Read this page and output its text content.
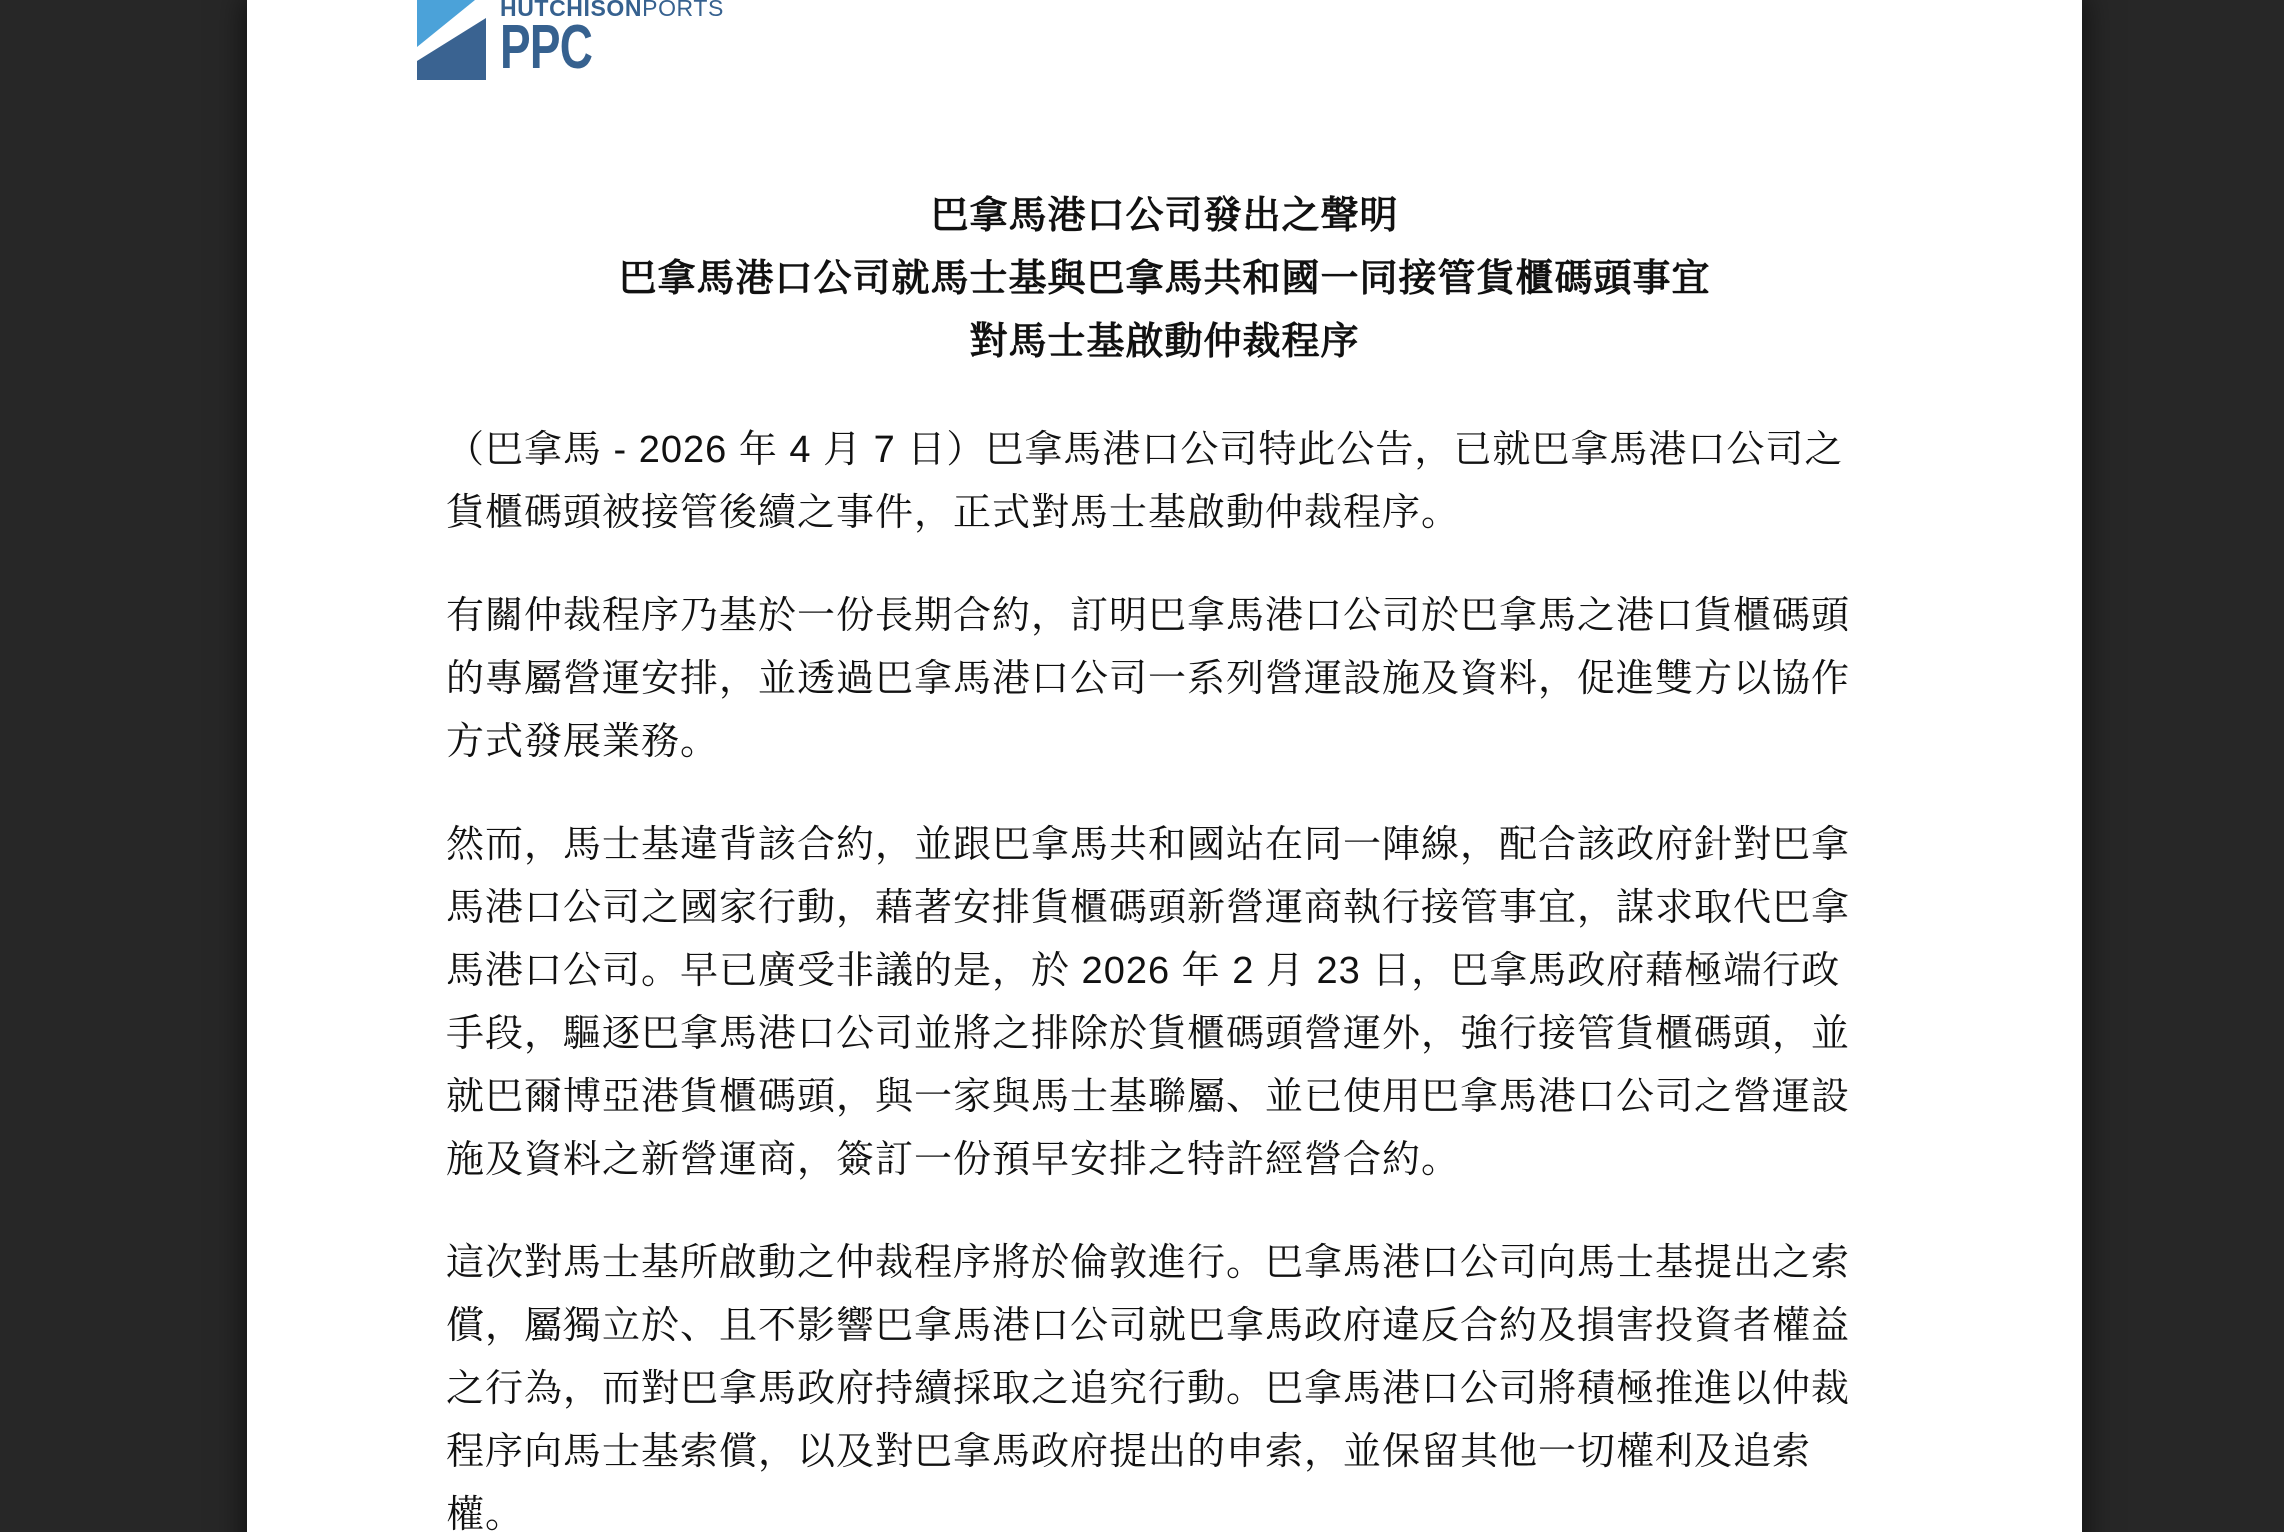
HUTCHISONPORTS
PPC
巴拿馬港口公司發出之聲明
巴拿馬港口公司就馬士基與巴拿馬共和國一同接管貨櫃碼頭事宜
對馬士基啟動仲裁程序
（巴拿馬 - 2026 年 4 月 7 日）巴拿馬港口公司特此公告，已就巴拿馬港口公司之
貨櫃碼頭被接管後續之事件，正式對馬士基啟動仲裁程序。
有關仲裁程序乃基於一份長期合約，訂明巴拿馬港口公司於巴拿馬之港口貨櫃碼頭
的專屬營運安排，並透過巴拿馬港口公司一系列營運設施及資料，促進雙方以協作
方式發展業務。
然而，馬士基違背該合約，並跟巴拿馬共和國站在同一陣線，配合該政府針對巴拿
馬港口公司之國家行動，藉著安排貨櫃碼頭新營運商執行接管事宜，謀求取代巴拿
馬港口公司。早已廣受非議的是，於 2026 年 2 月 23 日，巴拿馬政府藉極端行政
手段，驅逐巴拿馬港口公司並將之排除於貨櫃碼頭營運外，強行接管貨櫃碼頭，並
就巴爾博亞港貨櫃碼頭，與一家與馬士基聯屬、並已使用巴拿馬港口公司之營運設
施及資料之新營運商，簽訂一份預早安排之特許經營合約。
這次對馬士基所啟動之仲裁程序將於倫敦進行。巴拿馬港口公司向馬士基提出之索
償，屬獨立於、且不影響巴拿馬港口公司就巴拿馬政府違反合約及損害投資者權益
之行為，而對巴拿馬政府持續採取之追究行動。巴拿馬港口公司將積極推進以仲裁
程序向馬士基索償，以及對巴拿馬政府提出的申索，並保留其他一切權利及追索
權。
